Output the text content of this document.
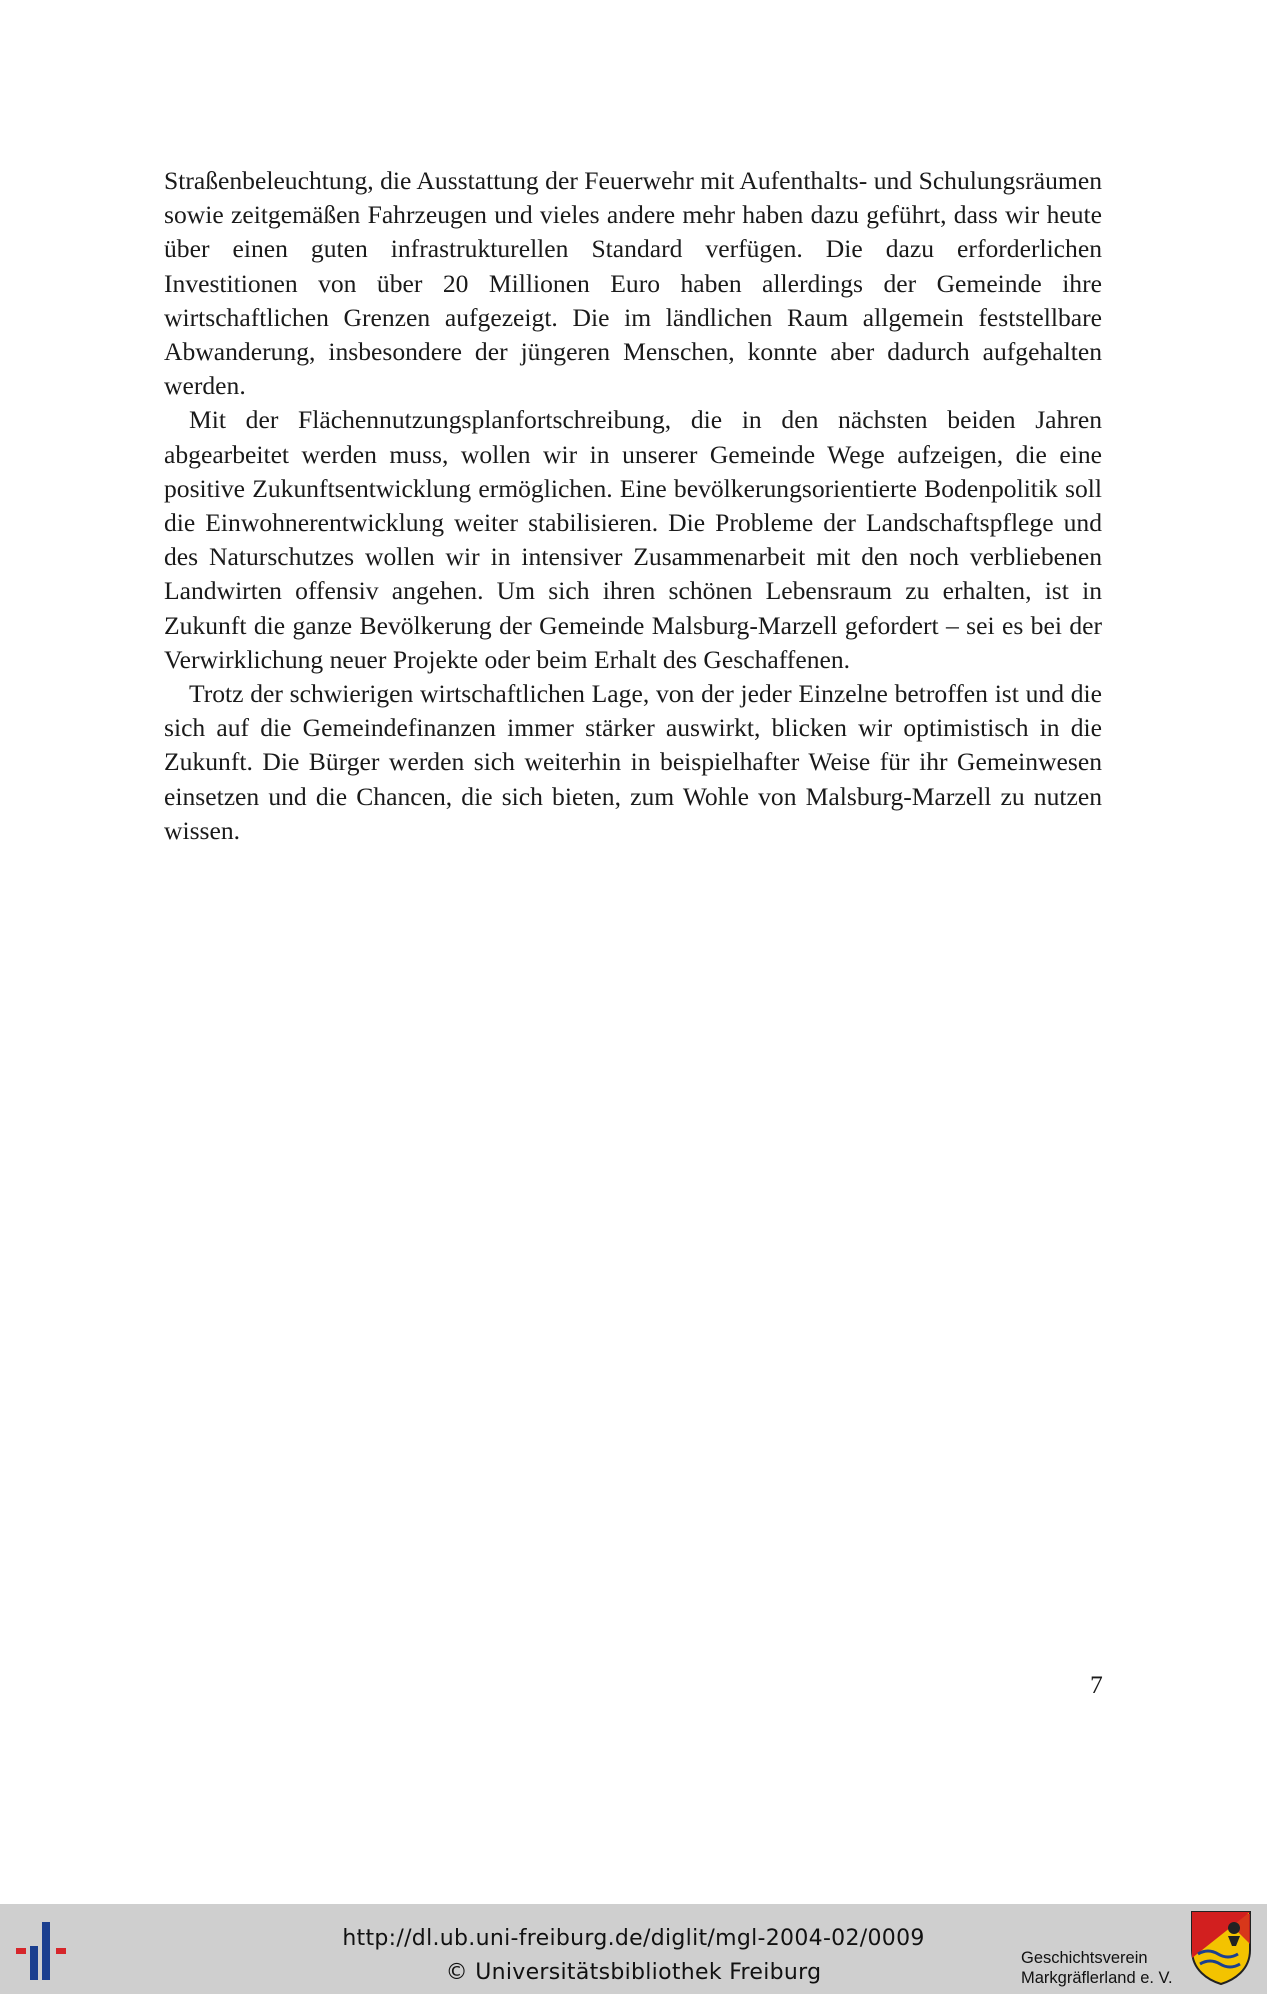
Straßenbeleuchtung, die Ausstattung der Feuerwehr mit Aufenthalts- und Schulungsräumen sowie zeitgemäßen Fahrzeugen und vieles andere mehr haben dazu geführt, dass wir heute über einen guten infrastrukturellen Standard verfügen. Die dazu erforderlichen Investitionen von über 20 Millionen Euro haben allerdings der Gemeinde ihre wirtschaftlichen Grenzen aufgezeigt. Die im ländlichen Raum allgemein feststellbare Abwanderung, insbesondere der jüngeren Menschen, konnte aber dadurch aufgehalten werden.

Mit der Flächennutzungsplanfortschreibung, die in den nächsten beiden Jahren abgearbeitet werden muss, wollen wir in unserer Gemeinde Wege aufzeigen, die eine positive Zukunftsentwicklung ermöglichen. Eine bevölkerungsorientierte Bodenpolitik soll die Einwohnerentwicklung weiter stabilisieren. Die Probleme der Landschaftspflege und des Naturschutzes wollen wir in intensiver Zusammenarbeit mit den noch verbliebenen Landwirten offensiv angehen. Um sich ihren schönen Lebensraum zu erhalten, ist in Zukunft die ganze Bevölkerung der Gemeinde Malsburg-Marzell gefordert – sei es bei der Verwirklichung neuer Projekte oder beim Erhalt des Geschaffenen.

Trotz der schwierigen wirtschaftlichen Lage, von der jeder Einzelne betroffen ist und die sich auf die Gemeindefinanzen immer stärker auswirkt, blicken wir optimistisch in die Zukunft. Die Bürger werden sich weiterhin in beispielhafter Weise für ihr Gemeinwesen einsetzen und die Chancen, die sich bieten, zum Wohle von Malsburg-Marzell zu nutzen wissen.

7
http://dl.ub.uni-freiburg.de/diglit/mgl-2004-02/0009
© Universitätsbibliothek Freiburg
Geschichtsverein
Markgräflerland e. V.
